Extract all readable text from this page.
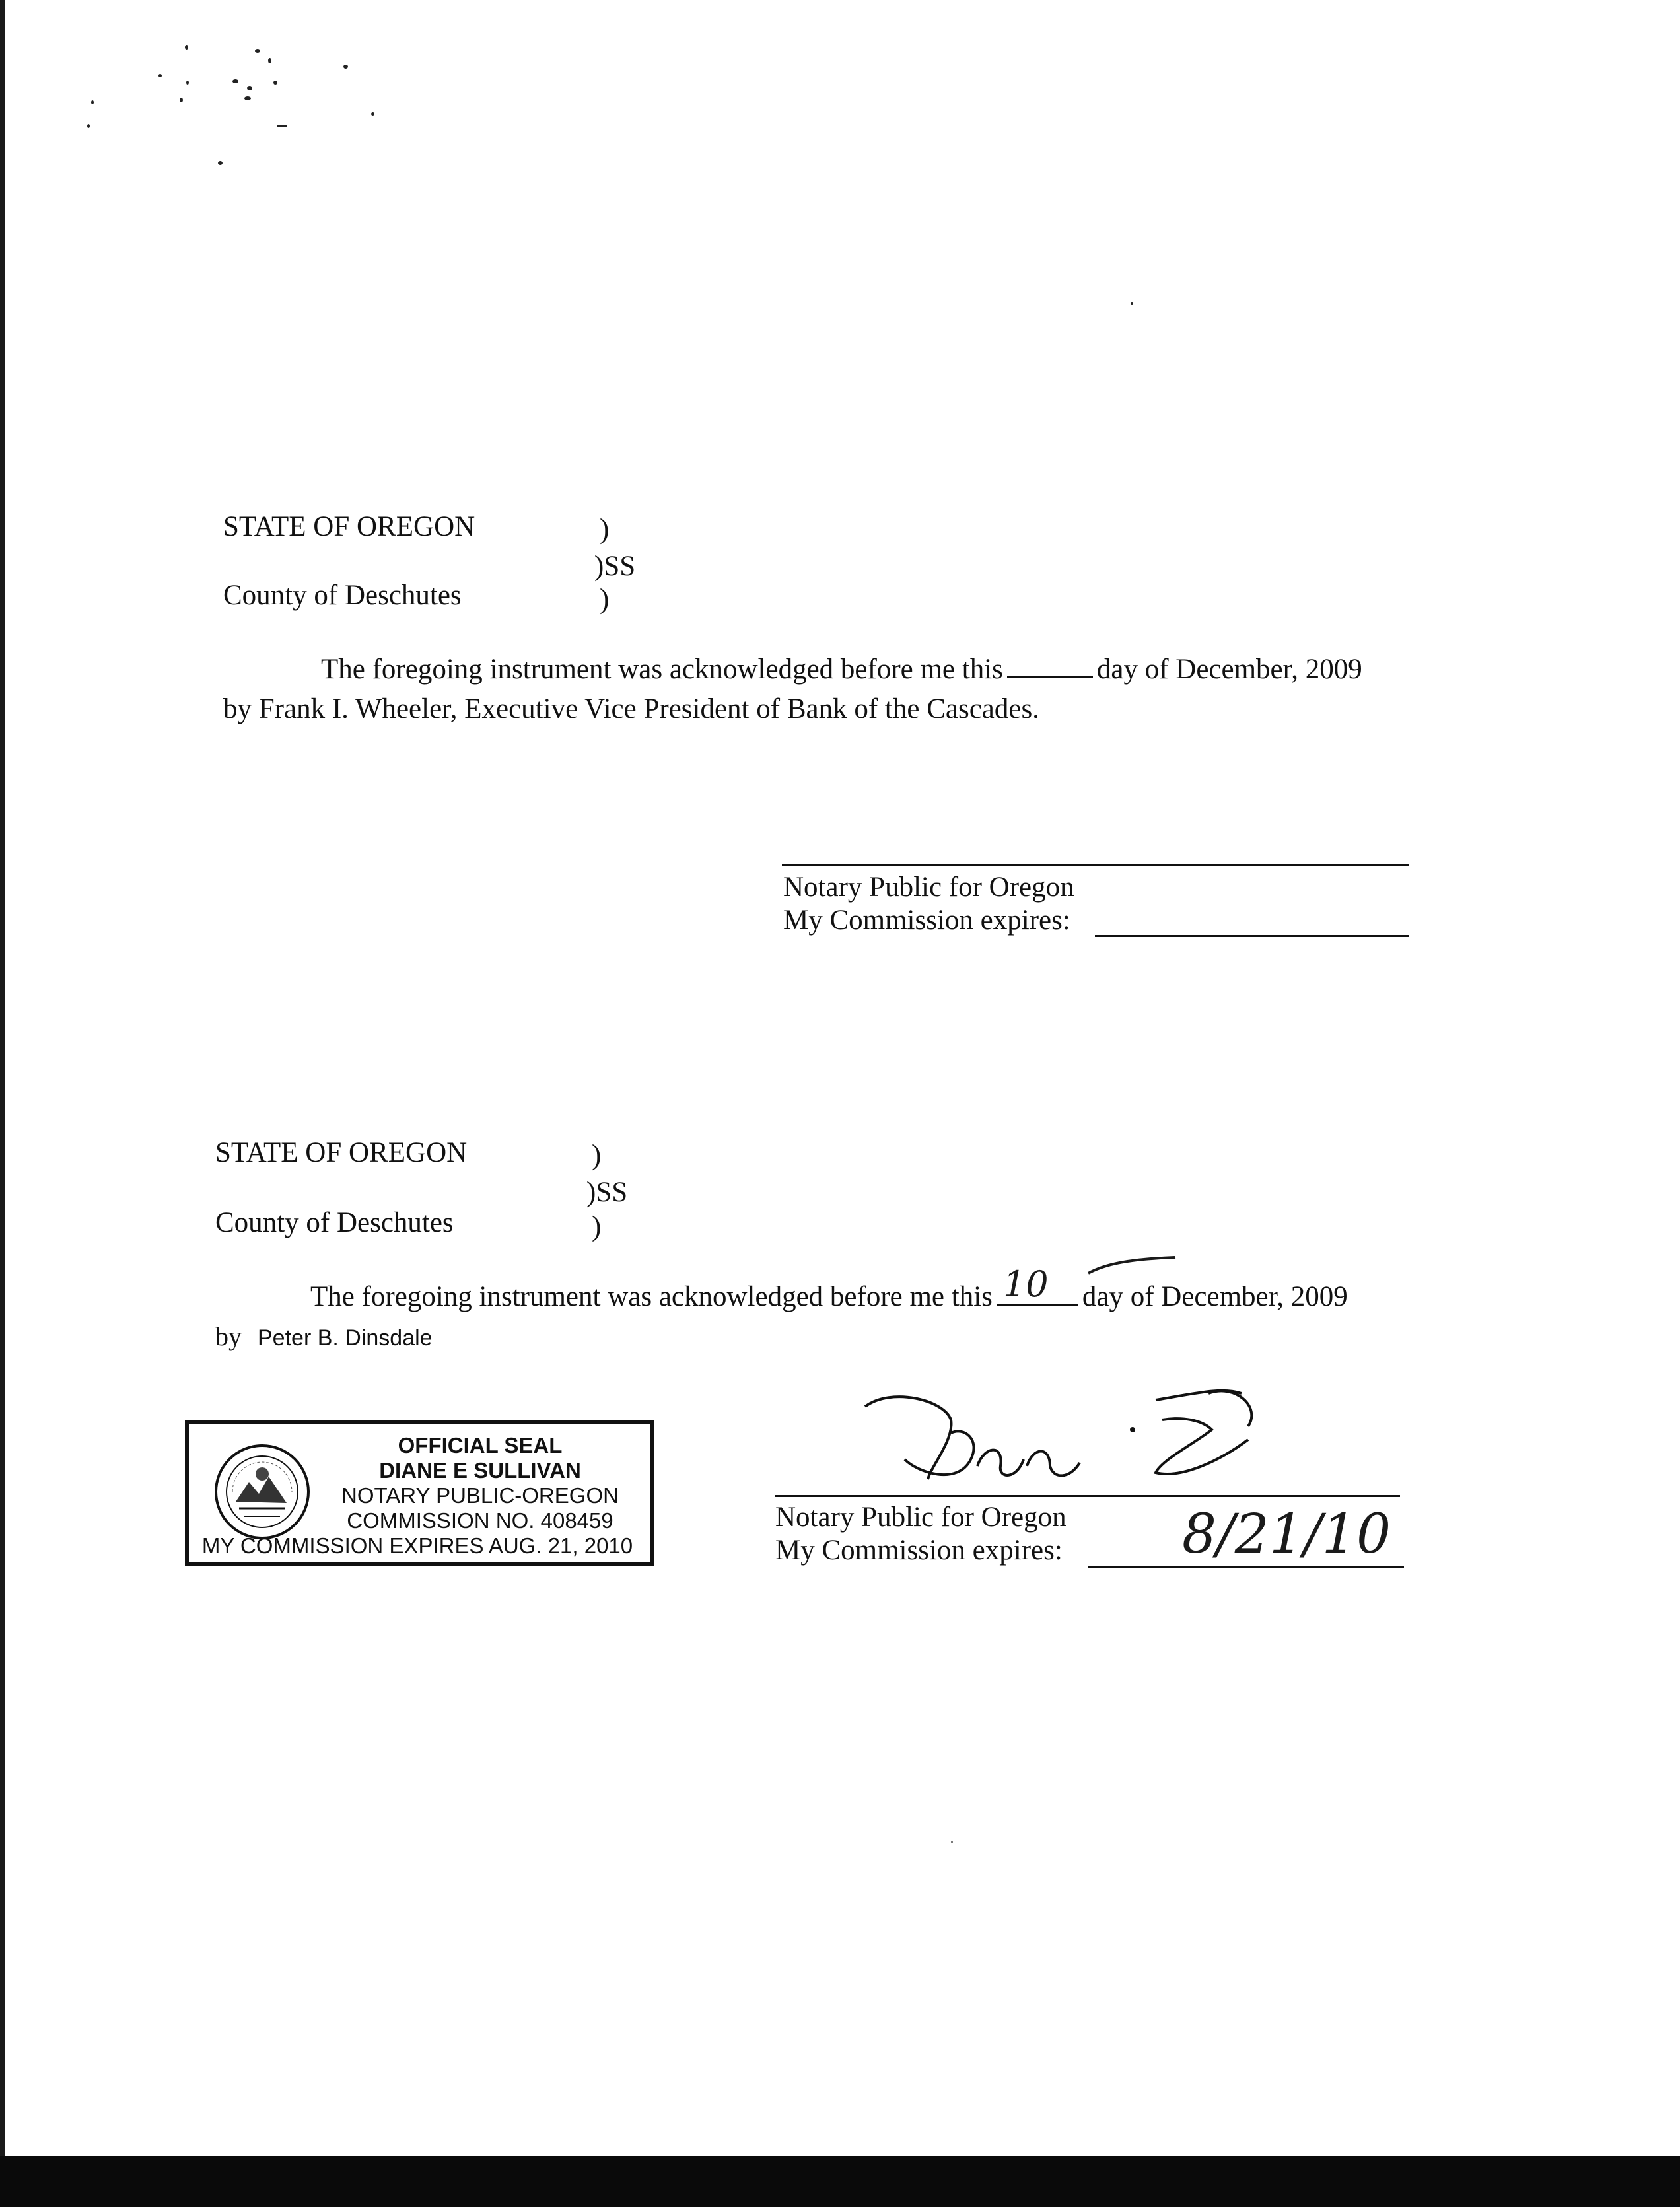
STATE OF OREGON	)
)SS
County of Deschutes	)
The foregoing instrument was acknowledged before me this	day of December, 2009
by Frank I. Wheeler, Executive Vice President of Bank of the Cascades.
Notary Public for Oregon
My Commission expires:
STATE OF OREGON	)
)SS
County of Deschutes	)
The foregoing instrument was acknowledged before me this 10 day of December, 2009
by Peter B. Dinsdale
OFFICIAL SEAL
DIANE E SULLIVAN
NOTARY PUBLIC-OREGON
COMMISSION NO. 408459
MY COMMISSION EXPIRES AUG. 21, 2010
Notary Public for Oregon
My Commission expires: 8/21/10
